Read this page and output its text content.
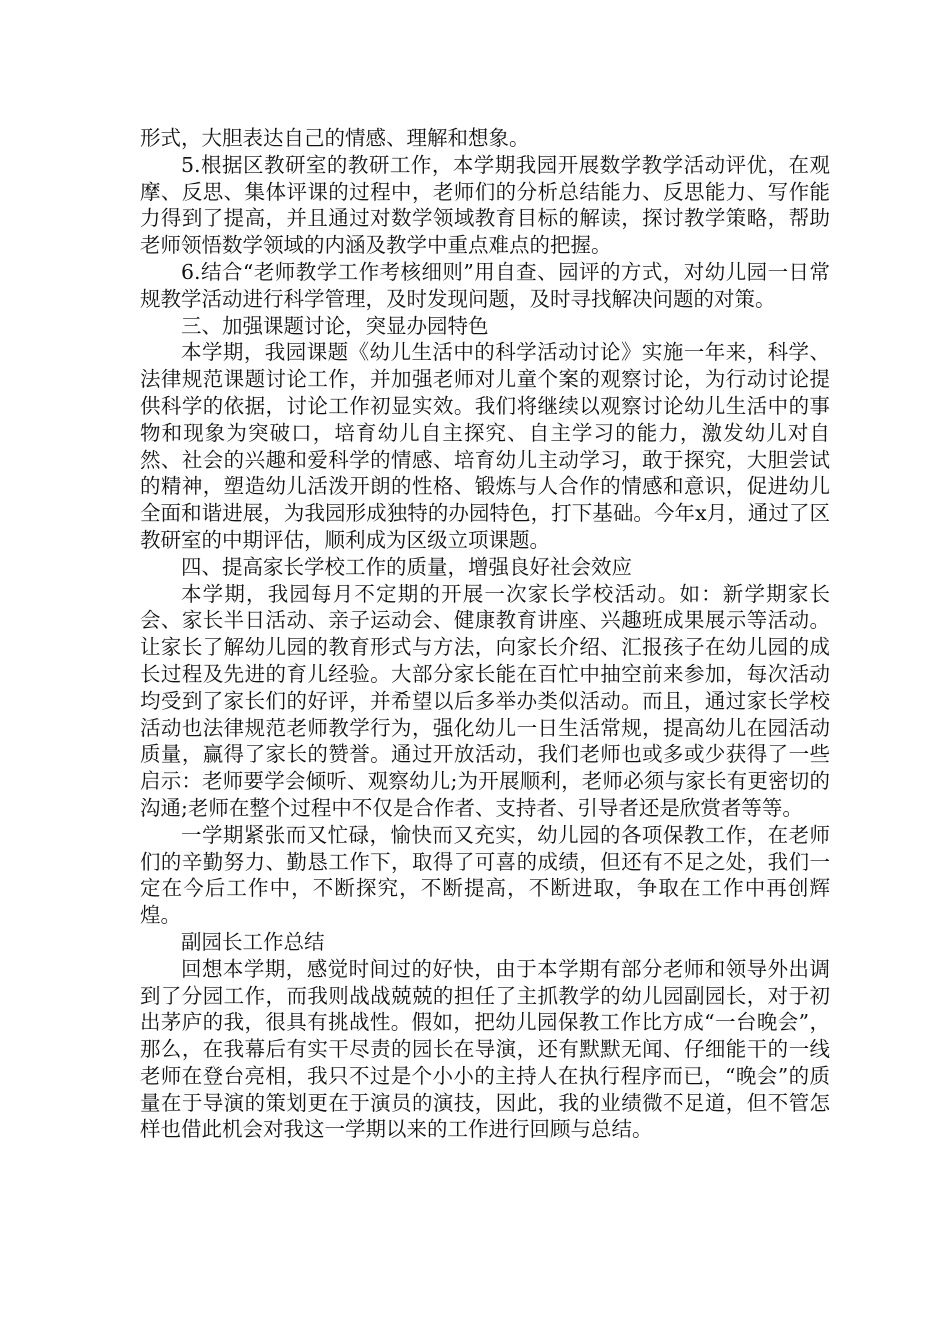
形式，大胆表达自己的情感、理解和想象。

5.根据区教研室的教研工作，本学期我园开展数学教学活动评优，在观摩、反思、集体评课的过程中，老师们的分析总结能力、反思能力、写作能力得到了提高，并且通过对数学领域教育目标的解读，探讨教学策略，帮助老师领悟数学领域的内涵及教学中重点难点的把握。

6.结合“老师教学工作考核细则”用自查、园评的方式，对幼儿园一日常规教学活动进行科学管理，及时发现问题，及时寻找解决问题的对策。

三、加强课题讨论，突显办园特色

本学期，我园课题《幼儿生活中的科学活动讨论》实施一年来，科学、法律规范课题讨论工作，并加强老师对儿童个案的观察讨论，为行动讨论提供科学的依据，讨论工作初显实效。我们将继续以观察讨论幼儿生活中的事物和现象为突破口，培育幼儿自主探究、自主学习的能力，激发幼儿对自然、社会的兴趣和爱科学的情感、培育幼儿主动学习，敢于探究，大胆尝试的精神，塑造幼儿活泼开朗的性格、锻炼与人合作的情感和意识，促进幼儿全面和谐进展，为我园形成独特的办园特色，打下基础。今年x月，通过了区教研室的中期评估，顺利成为区级立项课题。

四、提高家长学校工作的质量，增强良好社会效应

本学期，我园每月不定期的开展一次家长学校活动。如：新学期家长会、家长半日活动、亲子运动会、健康教育讲座、兴趣班成果展示等活动。让家长了解幼儿园的教育形式与方法，向家长介绍、汇报孩子在幼儿园的成长过程及先进的育儿经验。大部分家长能在百忙中抽空前来参加，每次活动均受到了家长们的好评，并希望以后多举办类似活动。而且，通过家长学校活动也法律规范老师教学行为，强化幼儿一日生活常规，提高幼儿在园活动质量，赢得了家长的赞誉。通过开放活动，我们老师也或多或少获得了一些启示：老师要学会倾听、观察幼儿;为开展顺利，老师必须与家长有更密切的沟通;老师在整个过程中不仅是合作者、支持者、引导者还是欣赏者等等。

一学期紧张而又忙碌，愉快而又充实，幼儿园的各项保教工作，在老师们的辛勤努力、勤恳工作下，取得了可喜的成绩，但还有不足之处，我们一定在今后工作中，不断探究，不断提高，不断进取，争取在工作中再创辉煌。

副园长工作总结

回想本学期，感觉时间过的好快，由于本学期有部分老师和领导外出调到了分园工作，而我则战战兢兢的担任了主抓教学的幼儿园副园长，对于初出茅庐的我，很具有挑战性。假如，把幼儿园保教工作比方成“一台晚会”，那么，在我幕后有实干尽责的园长在导演，还有默默无闻、仔细能干的一线老师在登台亮相，我只不过是个小小的主持人在执行程序而已，“晚会”的质量在于导演的策划更在于演员的演技，因此，我的业绩微不足道，但不管怎样也借此机会对我这一学期以来的工作进行回顾与总结。
